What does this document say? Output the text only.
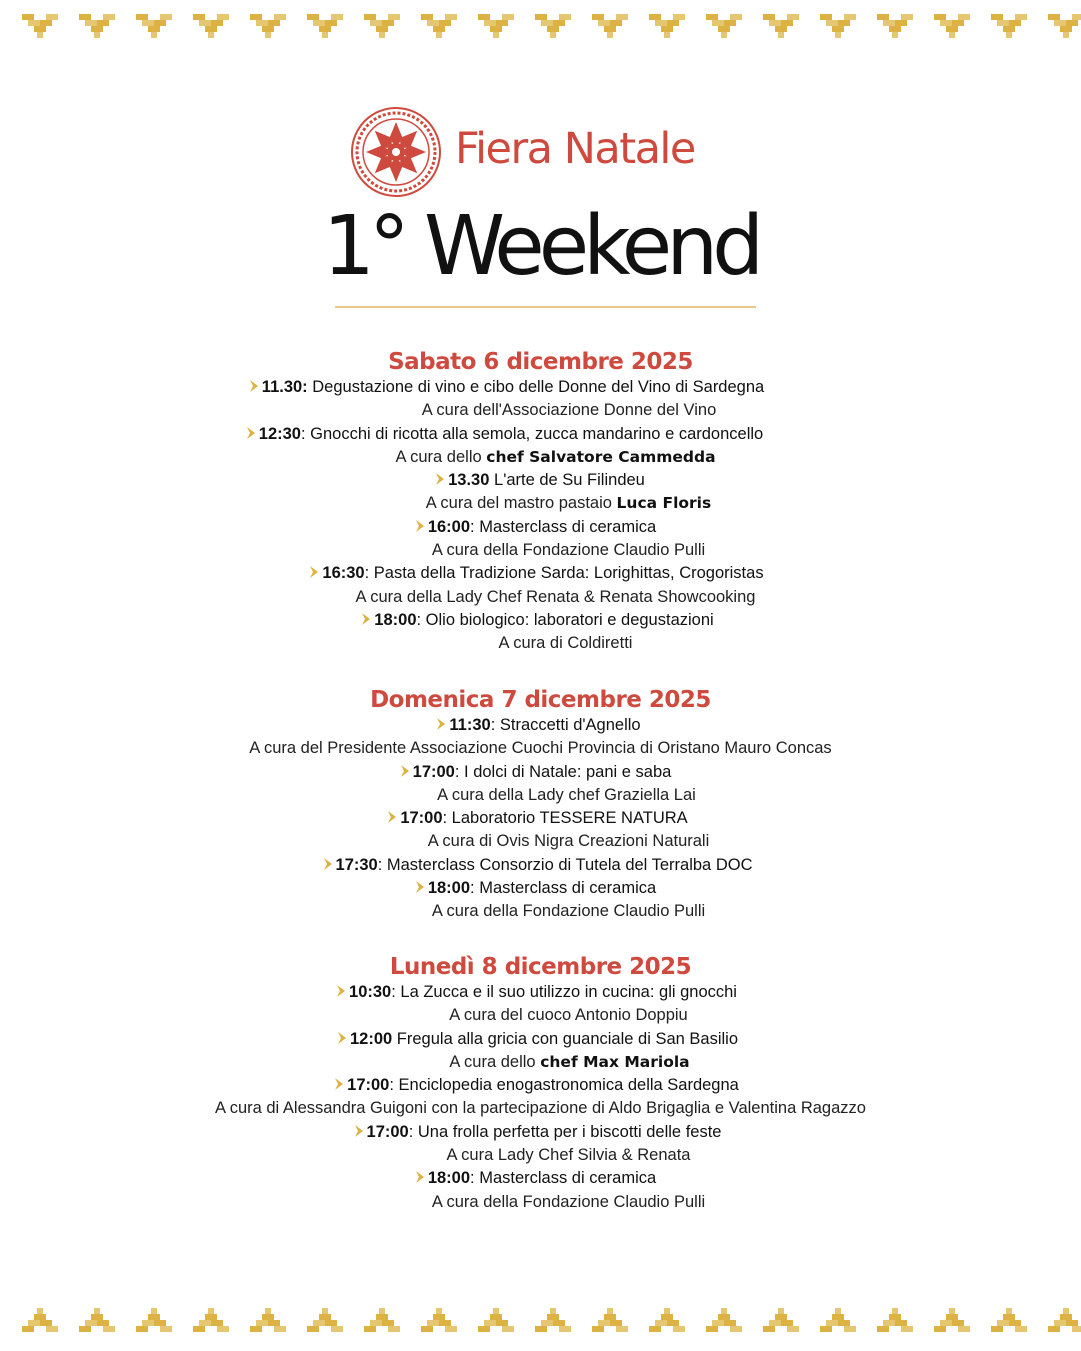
Fiera Natale
1° Weekend
Sabato 6 dicembre 2025
11.30: Degustazione di vino e cibo delle Donne del Vino di Sardegna
A cura dell'Associazione Donne del Vino
12:30: Gnocchi di ricotta alla semola, zucca mandarino e cardoncello
A cura dello chef Salvatore Cammedda
13.30 L'arte de Su Filindeu
A cura del mastro pastaio Luca Floris
16:00: Masterclass di ceramica
A cura della Fondazione Claudio Pulli
16:30: Pasta della Tradizione Sarda: Lorighittas, Crogoristas
A cura della Lady Chef Renata & Renata Showcooking
18:00: Olio biologico: laboratori e degustazioni
A cura di Coldiretti
Domenica 7 dicembre 2025
11:30: Straccetti d'Agnello
A cura del Presidente Associazione Cuochi Provincia di Oristano Mauro Concas
17:00: I dolci di Natale: pani e saba
A cura della Lady chef Graziella Lai
17:00: Laboratorio TESSERE NATURA
A cura di Ovis Nigra Creazioni Naturali
17:30: Masterclass Consorzio di Tutela del Terralba DOC
18:00: Masterclass di ceramica
A cura della Fondazione Claudio Pulli
Lunedì 8 dicembre 2025
10:30: La Zucca e il suo utilizzo in cucina: gli gnocchi
A cura del cuoco Antonio Doppiu
12:00 Fregula alla gricia con guanciale di San Basilio
A cura dello chef Max Mariola
17:00: Enciclopedia enogastronomica della Sardegna
A cura di Alessandra Guigoni con la partecipazione di Aldo Brigaglia e Valentina Ragazzo
17:00: Una frolla perfetta per i biscotti delle feste
A cura Lady Chef Silvia & Renata
18:00: Masterclass di ceramica
A cura della Fondazione Claudio Pulli
